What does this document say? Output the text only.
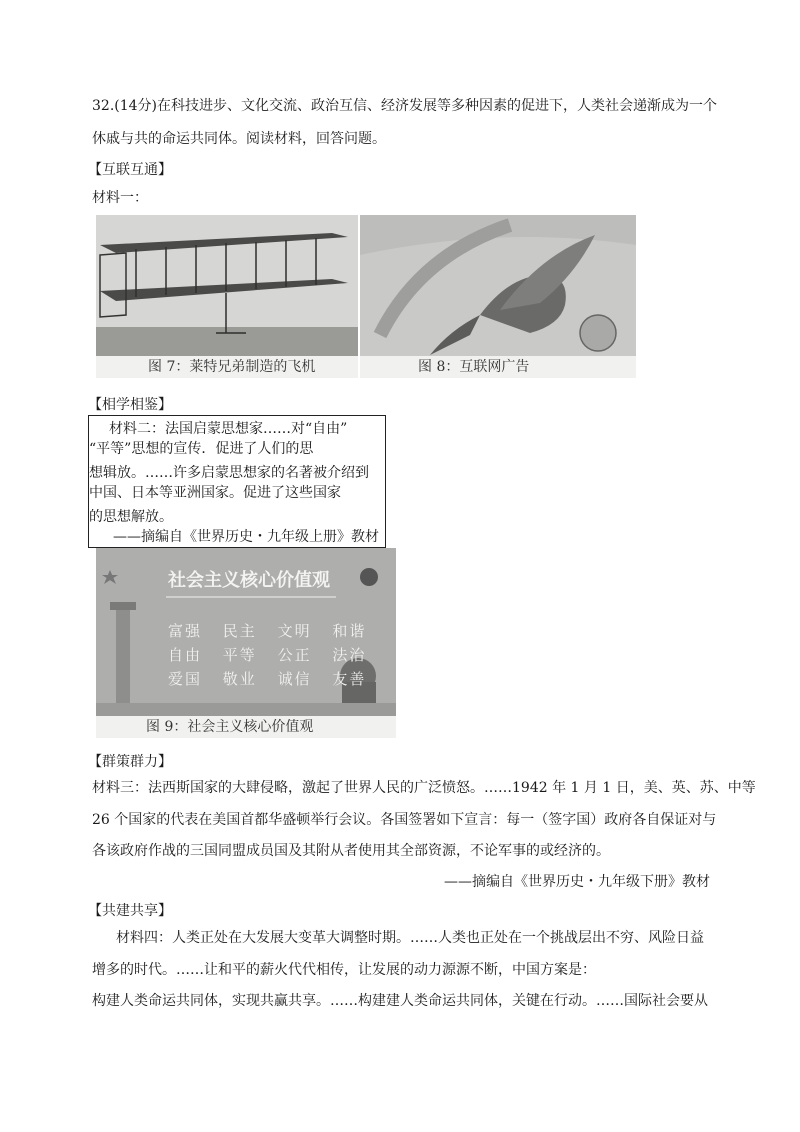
32.(14分)在科技进步、文化交流、政治互信、经济发展等多种因素的促进下，人类社会递渐成为一个
休戚与共的命运共同体。阅读材料，回答问题。
【互联互通】
材料一：
图 7：莱特兄弟制造的飞机	图 8：互联网广告
【相学相鉴】
材料二：法国启蒙思想家……对“自由”
“平等”思想的宣传．促进了人们的思
想辑放。……许多启蒙思想家的名著被介绍到
中国、日本等亚洲国家。促进了这些国家
的思想解放。
——摘编自《世界历史・九年级上册》教材
社会主义核心价值观
富强 民主 文明 和谐
自由 平等 公正 法治
爱国 敬业 诚信 友善
图 9：社会主义核心价值观
【群策群力】
材料三：法西斯国家的大肆侵略，激起了世界人民的广泛愤怒。……1942 年 1 月 1 日，美、英、苏、中等
26 个国家的代表在美国首都华盛顿举行会议。各国签署如下宣言：每一（签字国）政府各自保证对与
各该政府作战的三国同盟成员国及其附从者使用其全部资源，不论军事的或经济的。
——摘编自《世界历史・九年级下册》教材
【共建共享】
材料四：人类正处在大发展大变革大调整时期。……人类也正处在一个挑战层出不穷、风险日益
增多的时代。……让和平的薪火代代相传，让发展的动力源源不断，中国方案是：
构建人类命运共同体，实现共赢共享。……构建建人类命运共同体，关键在行动。……国际社会要从
